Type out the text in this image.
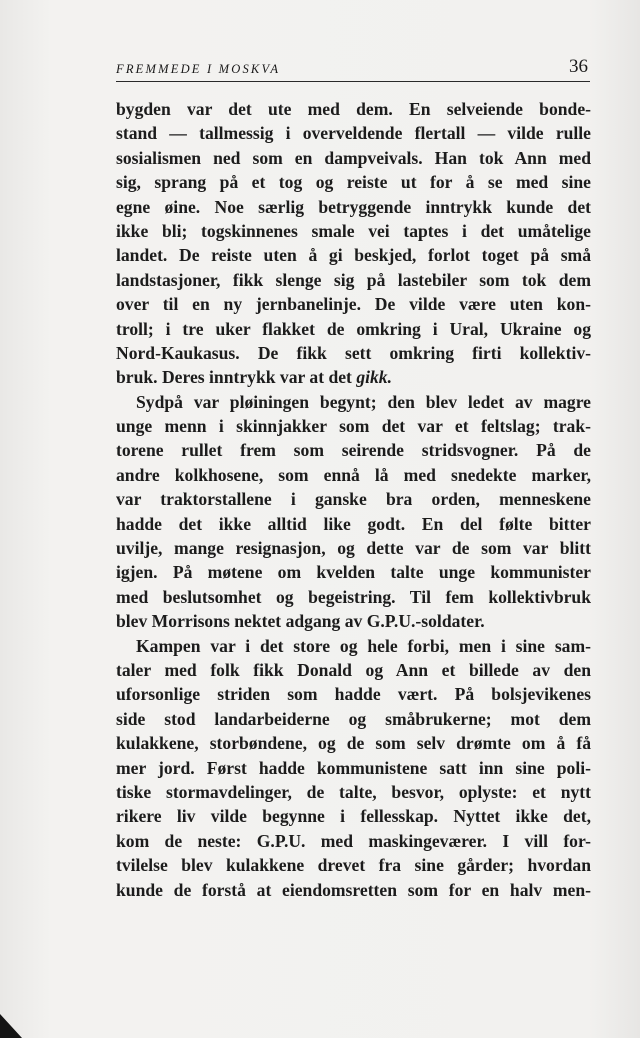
FREMMEDE I MOSKVA	36
bygden var det ute med dem. En selveiende bonde-
stand — tallmessig i overveldende flertall — vilde rulle
sosialismen ned som en dampveivals. Han tok Ann med
sig, sprang på et tog og reiste ut for å se med sine
egne øine. Noe særlig betryggende inntrykk kunde det
ikke bli; togskinnenes smale vei taptes i det umåtelige
landet. De reiste uten å gi beskjed, forlot toget på små
landstasjoner, fikk slenge sig på lastebiler som tok dem
over til en ny jernbanelinje. De vilde være uten kon-
troll; i tre uker flakket de omkring i Ural, Ukraine og
Nord-Kaukasus. De fikk sett omkring firti kollektiv-
bruk. Deres inntrykk var at det gikk.
Sydpå var pløiningen begynt; den blev ledet av magre
unge menn i skinnjakker som det var et feltslag; trak-
torene rullet frem som seirende stridsvogner. På de
andre kolkhosene, som ennå lå med snedekte marker,
var traktorstallene i ganske bra orden, menneskene
hadde det ikke alltid like godt. En del følte bitter
uvilje, mange resignasjon, og dette var de som var blitt
igjen. På møtene om kvelden talte unge kommunister
med beslutsomhet og begeistring. Til fem kollektivbruk
blev Morrisons nektet adgang av G.P.U.-soldater.
Kampen var i det store og hele forbi, men i sine sam-
taler med folk fikk Donald og Ann et billede av den
uforsonlige striden som hadde vært. På bolsjevikenes
side stod landarbeiderne og småbrukerne; mot dem
kulakkene, storbøndene, og de som selv drømte om å få
mer jord. Først hadde kommunistene satt inn sine poli-
tiske stormavdelinger, de talte, besvor, oplyste: et nytt
rikere liv vilde begynne i fellesskap. Nyttet ikke det,
kom de neste: G.P.U. med maskingeværer. I vill for-
tvilelse blev kulakkene drevet fra sine gårder; hvordan
kunde de forstå at eiendomsretten som for en halv men-
